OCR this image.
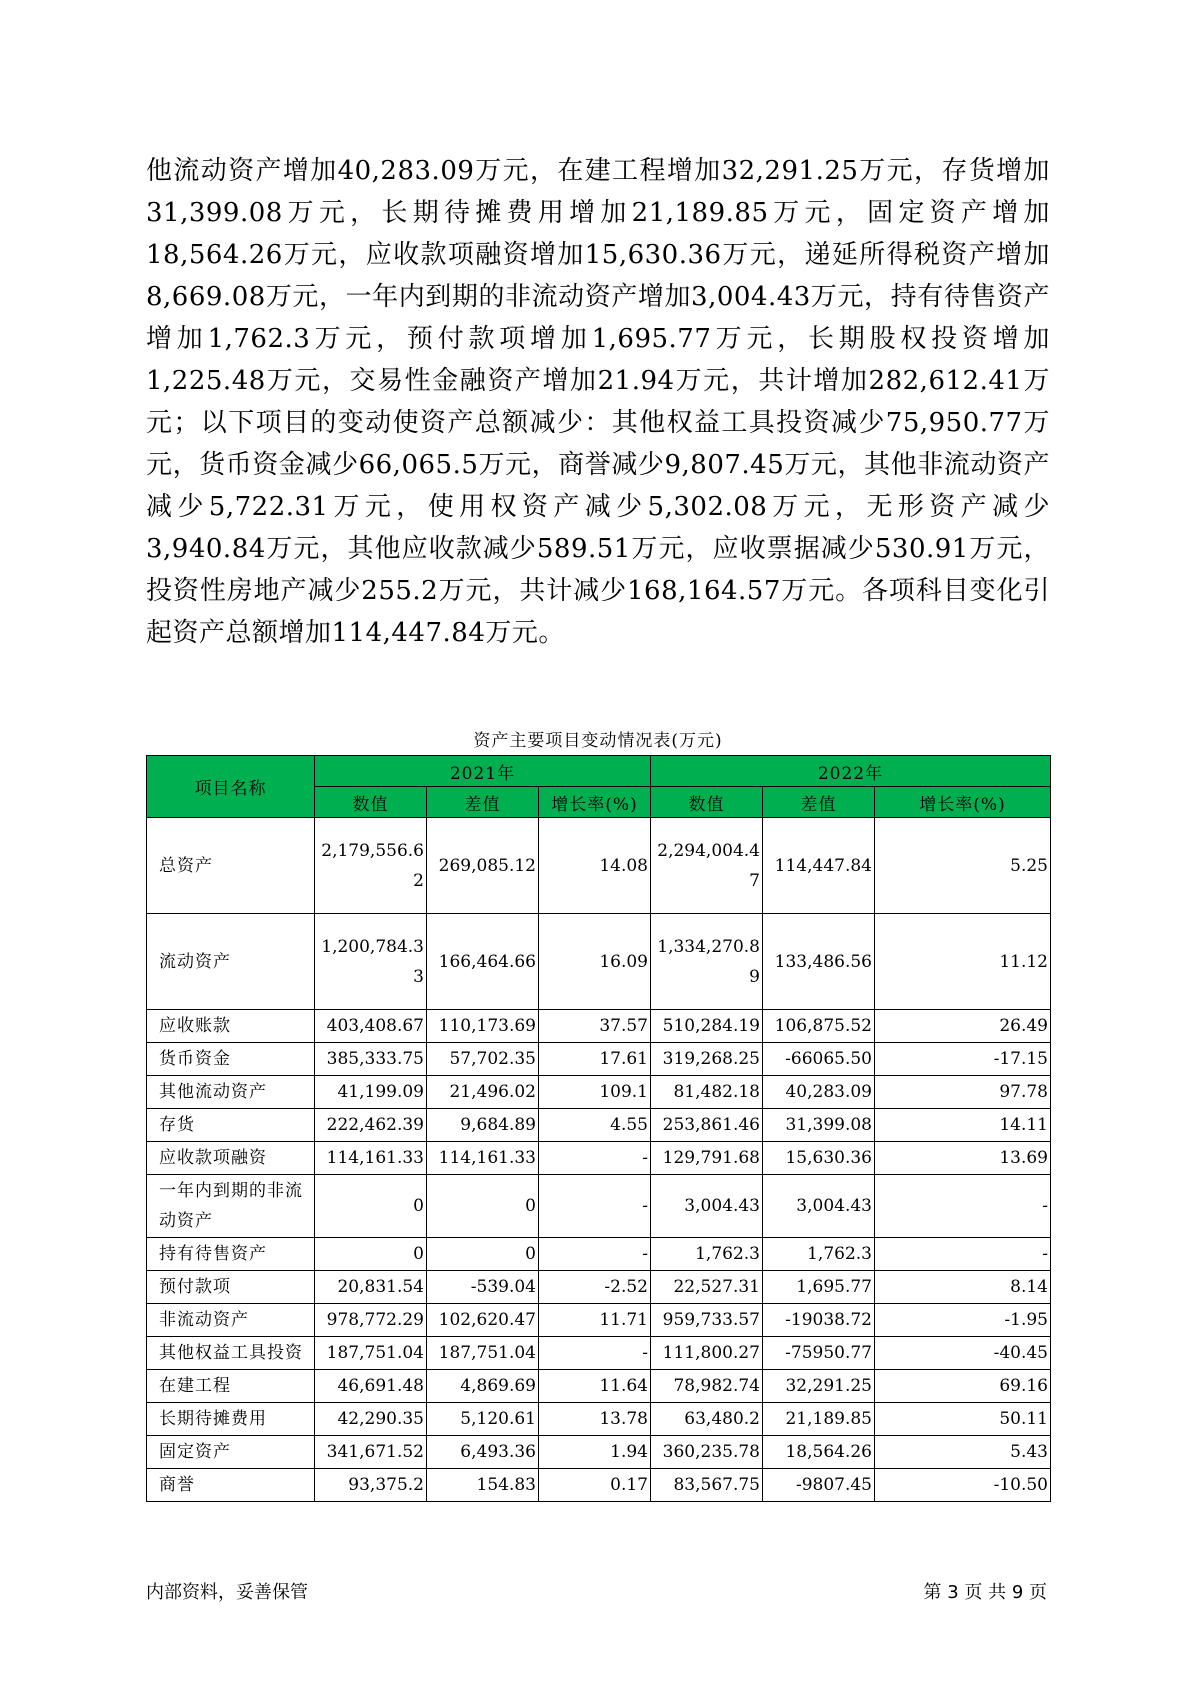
他流动资产增加40,283.09万元，在建工程增加32,291.25万元，存货增加31,399.08万元，长期待摊费用增加21,189.85万元，固定资产增加18,564.26万元，应收款项融资增加15,630.36万元，递延所得税资产增加8,669.08万元，一年内到期的非流动资产增加3,004.43万元，持有待售资产增加1,762.3万元，预付款项增加1,695.77万元，长期股权投资增加1,225.48万元，交易性金融资产增加21.94万元，共计增加282,612.41万元；以下项目的变动使资产总额减少：其他权益工具投资减少75,950.77万元，货币资金减少66,065.5万元，商誉减少9,807.45万元，其他非流动资产减少5,722.31万元，使用权资产减少5,302.08万元，无形资产减少3,940.84万元，其他应收款减少589.51万元，应收票据减少530.91万元，投资性房地产减少255.2万元，共计减少168,164.57万元。各项科目变化引起资产总额增加114,447.84万元。

资产主要项目变动情况表(万元)
项目名称	2021年			2022年		
	数值	差值	增长率(%)	数值	差值	增长率(%)
总资产	2,179,556.62	269,085.12	14.08	2,294,004.47	114,447.84	5.25
流动资产	1,200,784.33	166,464.66	16.09	1,334,270.89	133,486.56	11.12
应收账款	403,408.67	110,173.69	37.57	510,284.19	106,875.52	26.49
货币资金	385,333.75	57,702.35	17.61	319,268.25	-66065.50	-17.15
其他流动资产	41,199.09	21,496.02	109.1	81,482.18	40,283.09	97.78
存货	222,462.39	9,684.89	4.55	253,861.46	31,399.08	14.11
应收款项融资	114,161.33	114,161.33	-	129,791.68	15,630.36	13.69
一年内到期的非流动资产	0	0	-	3,004.43	3,004.43	-
持有待售资产	0	0	-	1,762.3	1,762.3	-
预付款项	20,831.54	-539.04	-2.52	22,527.31	1,695.77	8.14
非流动资产	978,772.29	102,620.47	11.71	959,733.57	-19038.72	-1.95
其他权益工具投资	187,751.04	187,751.04	-	111,800.27	-75950.77	-40.45
在建工程	46,691.48	4,869.69	11.64	78,982.74	32,291.25	69.16
长期待摊费用	42,290.35	5,120.61	13.78	63,480.2	21,189.85	50.11
固定资产	341,671.52	6,493.36	1.94	360,235.78	18,564.26	5.43
商誉	93,375.2	154.83	0.17	83,567.75	-9807.45	-10.50
内部资料，妥善保管	第 3 页 共 9 页
